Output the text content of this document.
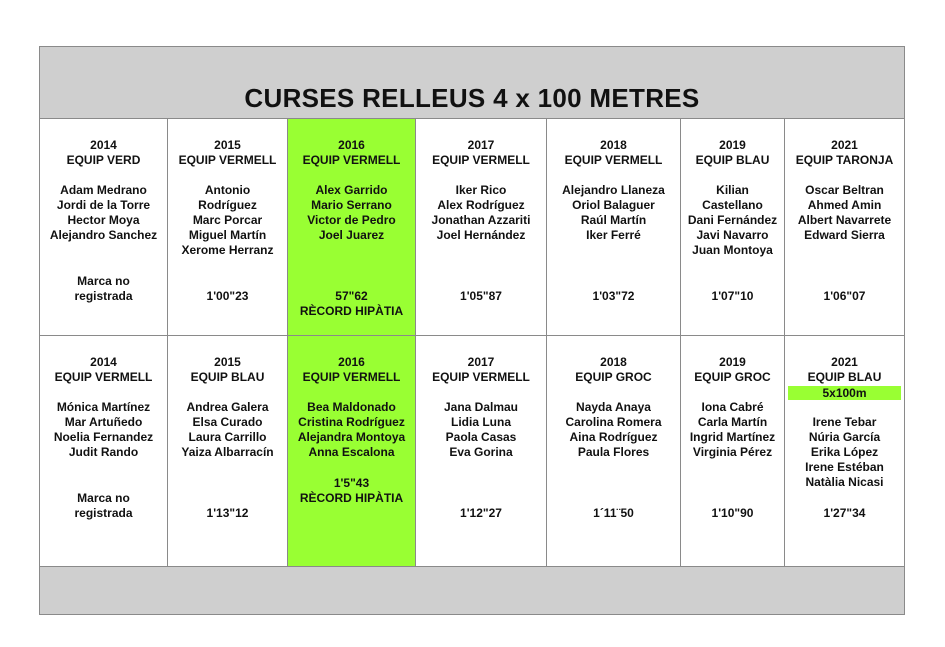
CURSES RELLEUS 4 x 100 METRES
2014
EQUIP VERD
Adam Medrano
Jordi de la Torre
Hector Moya
Alejandro Sanchez
Marca no
registrada
2015
EQUIP VERMELL
Antonio
Rodríguez
Marc Porcar
Miguel Martín
Xerome Herranz
1'00"23
2016
EQUIP VERMELL
Alex Garrido
Mario Serrano
Victor de Pedro
Joel Juarez
57"62
RÈCORD HIPÀTIA
2017
EQUIP VERMELL
Iker Rico
Alex Rodríguez
Jonathan Azzariti
Joel Hernández
1'05"87
2018
EQUIP VERMELL
Alejandro Llaneza
Oriol Balaguer
Raúl Martín
Iker Ferré
1'03"72
2019
EQUIP BLAU
Kilian
Castellano
Dani Fernández
Javi Navarro
Juan Montoya
1'07"10
2021
EQUIP TARONJA
Oscar Beltran
Ahmed Amin
Albert Navarrete
Edward Sierra
1'06"07
2014
EQUIP VERMELL
Mónica Martínez
Mar Artuñedo
Noelia Fernandez
Judit Rando
Marca no
registrada
2015
EQUIP BLAU
Andrea Galera
Elsa Curado
Laura Carrillo
Yaiza Albarracín
1'13"12
2016
EQUIP VERMELL
Bea Maldonado
Cristina Rodríguez
Alejandra Montoya
Anna Escalona
1'5"43
RÈCORD HIPÀTIA
2017
EQUIP VERMELL
Jana Dalmau
Lidia Luna
Paola Casas
Eva Gorina
1'12"27
2018
EQUIP GROC
Nayda Anaya
Carolina Romera
Aina Rodríguez
Paula Flores
1´11¨50
2019
EQUIP GROC
Iona Cabré
Carla Martín
Ingrid Martínez
Virginia Pérez
1'10"90
2021
EQUIP BLAU
5x100m
Irene Tebar
Núria García
Erika López
Irene Estéban
Natàlia Nicasi
1'27"34
